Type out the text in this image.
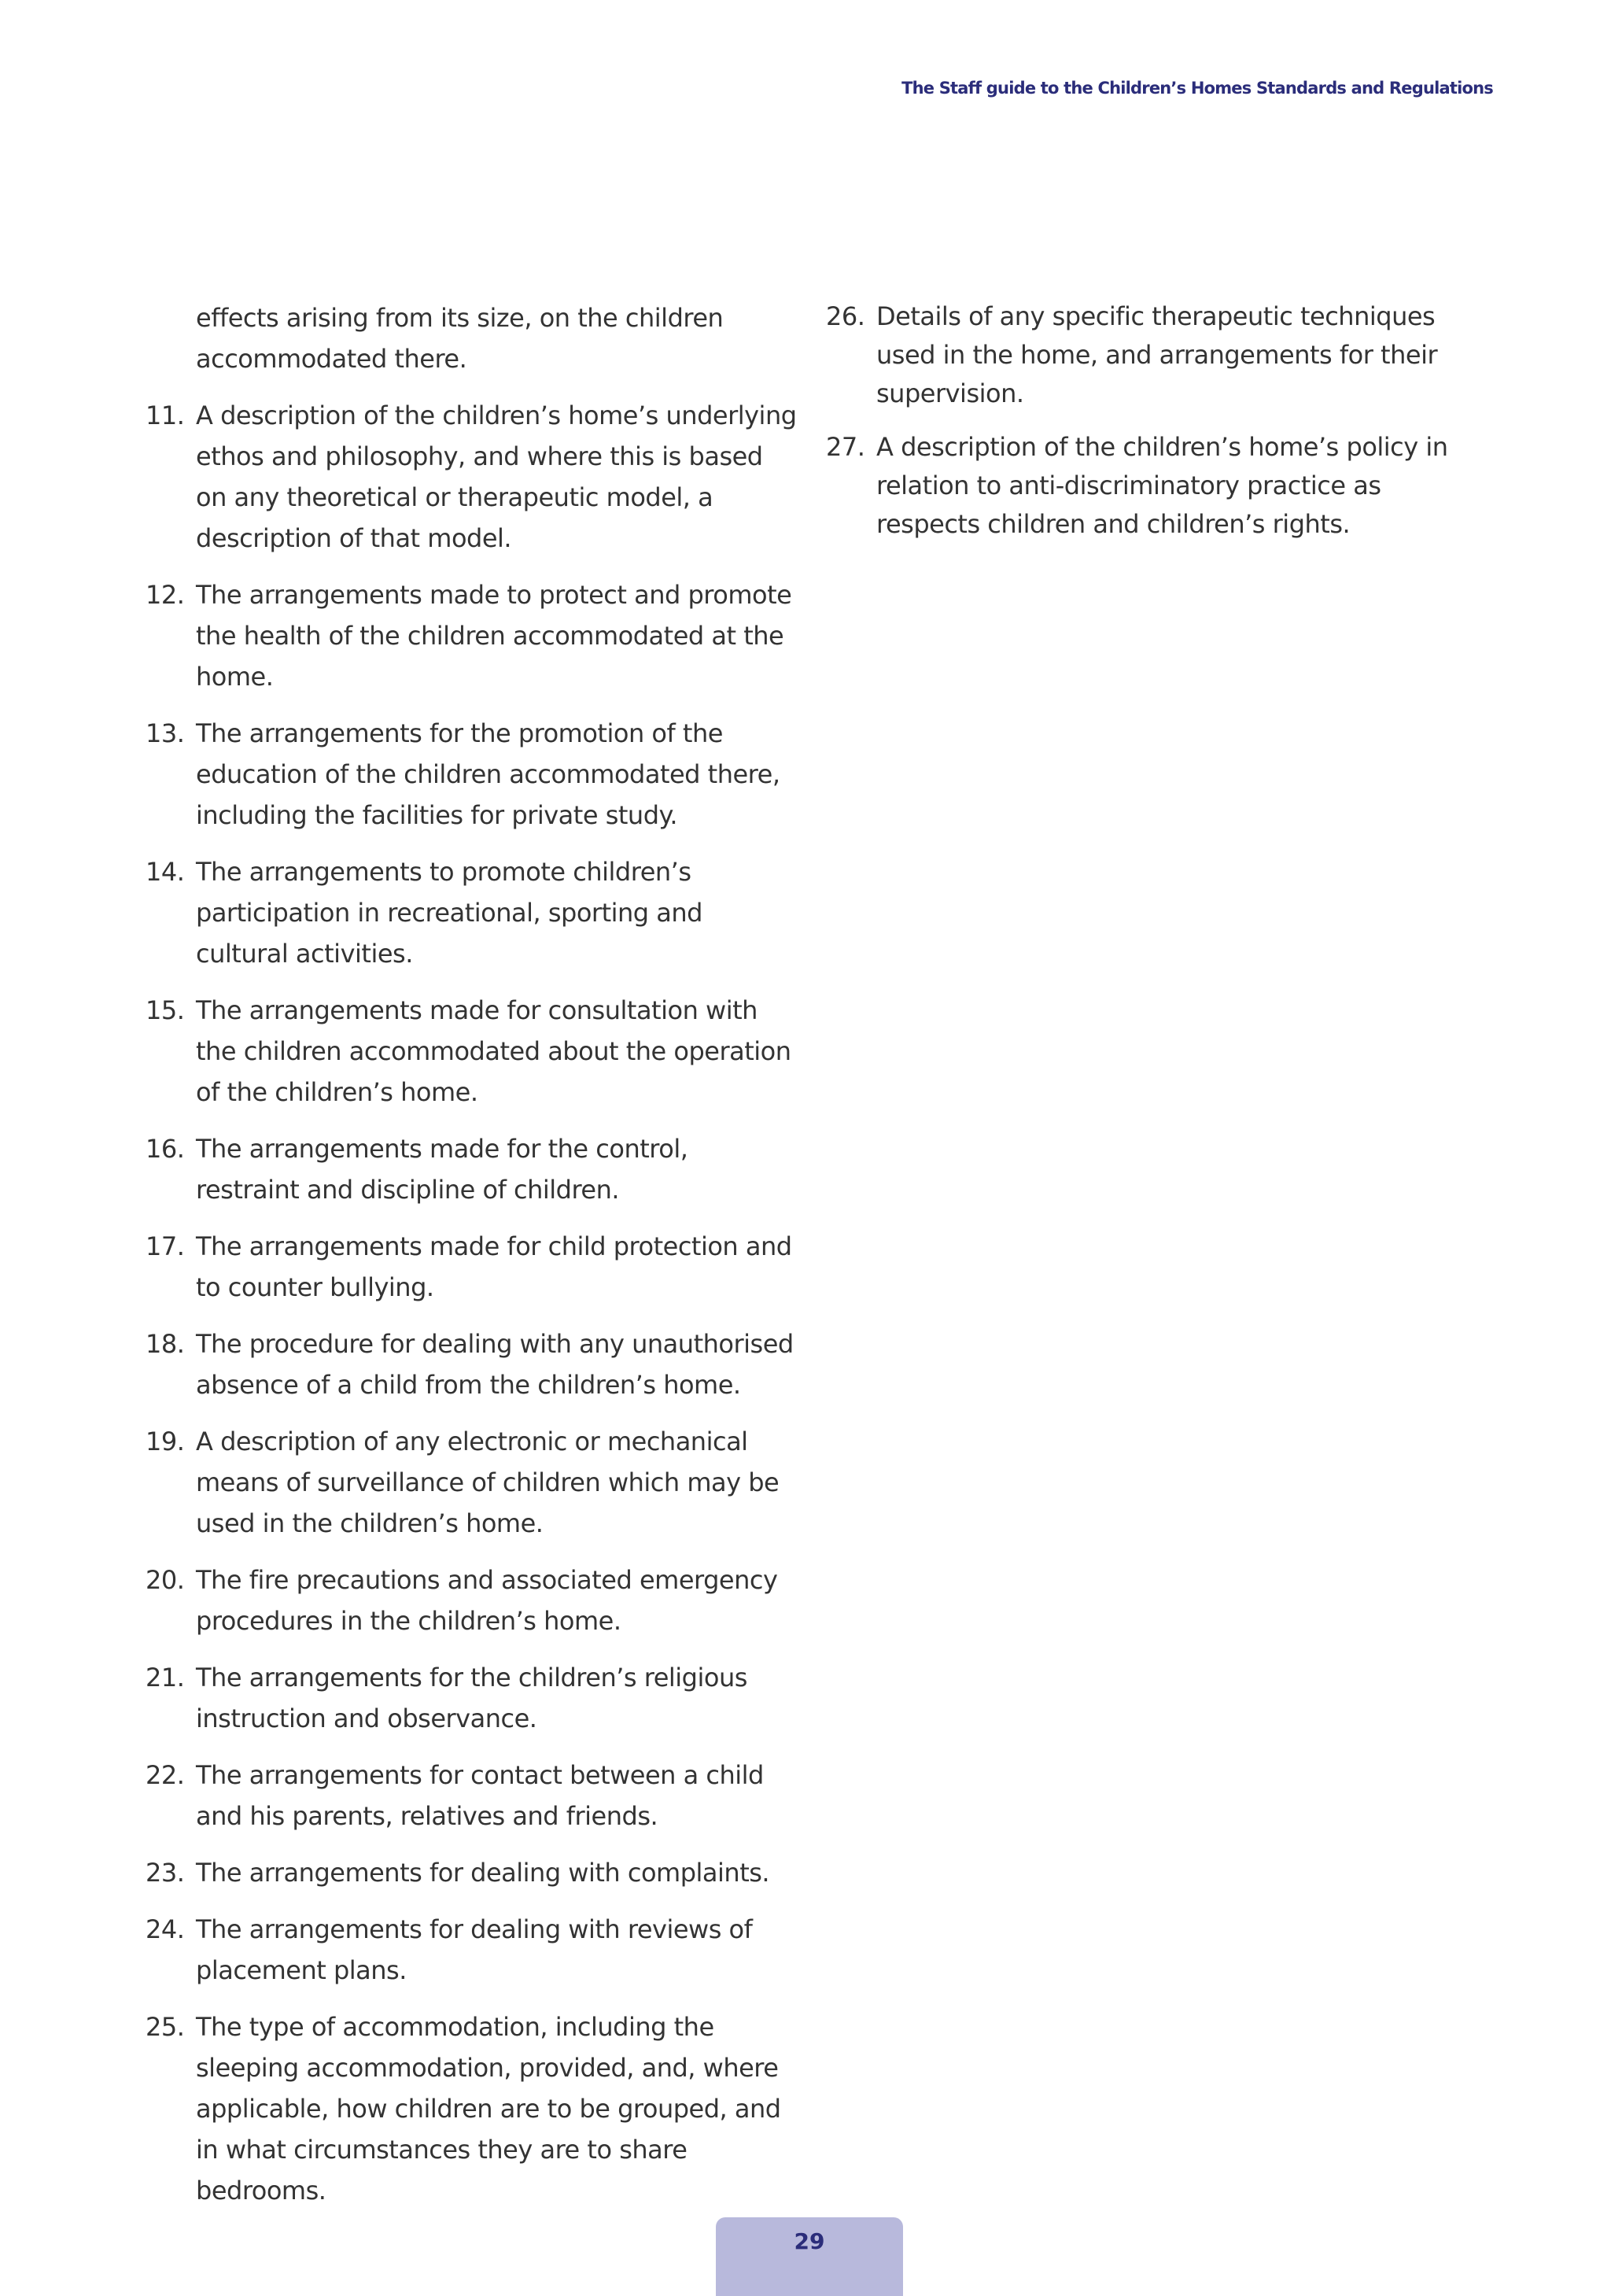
The Staff guide to the Children’s Homes Standards and Regulations
effects arising from its size, on the children accommodated there.
11. A description of the children’s home’s underlying ethos and philosophy, and where this is based on any theoretical or therapeutic model, a description of that model.
12. The arrangements made to protect and promote the health of the children accommodated at the home.
13. The arrangements for the promotion of the education of the children accommodated there, including the facilities for private study.
14. The arrangements to promote children’s participation in recreational, sporting and cultural activities.
15. The arrangements made for consultation with the children accommodated about the operation of the children’s home.
16. The arrangements made for the control, restraint and discipline of children.
17. The arrangements made for child protection and to counter bullying.
18. The procedure for dealing with any unauthorised absence of a child from the children’s home.
19. A description of any electronic or mechanical means of surveillance of children which may be used in the children’s home.
20. The fire precautions and associated emergency procedures in the children’s home.
21. The arrangements for the children’s religious instruction and observance.
22. The arrangements for contact between a child and his parents, relatives and friends.
23. The arrangements for dealing with complaints.
24. The arrangements for dealing with reviews of placement plans.
25. The type of accommodation, including the sleeping accommodation, provided, and, where applicable, how children are to be grouped, and in what circumstances they are to share bedrooms.
26. Details of any specific therapeutic techniques used in the home, and arrangements for their supervision.
27. A description of the children’s home’s policy in relation to anti-discriminatory practice as respects children and children’s rights.
29
